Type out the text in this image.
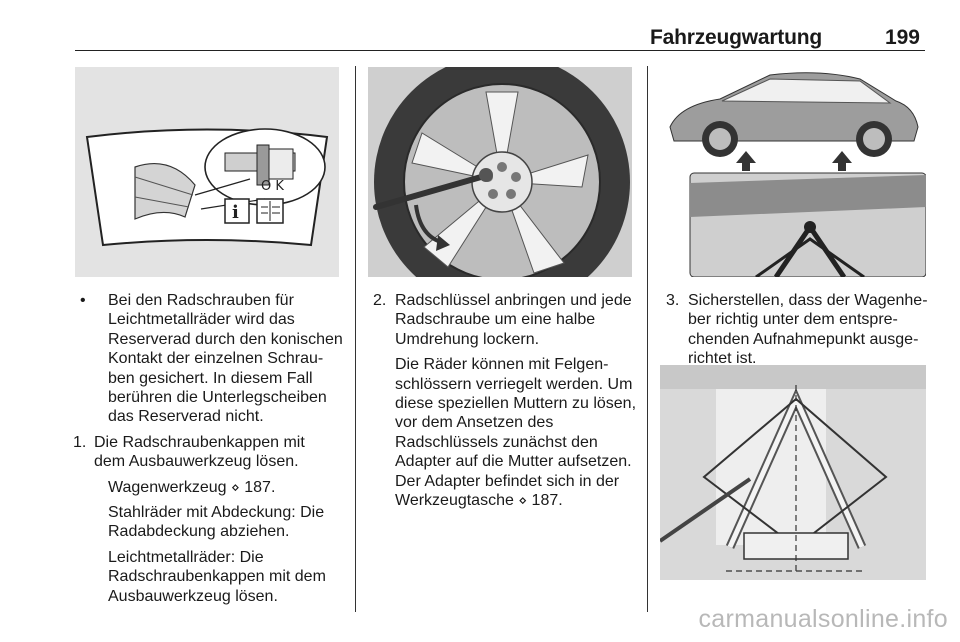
Fahrzeugwartung	199
O K
i
• Bei den Radschrauben für
Leichtmetallräder wird das
Reserverad durch den konischen
Kontakt der einzelnen Schrau-
ben gesichert. In diesem Fall
berühren die Unterlegscheiben
das Reserverad nicht.
1. Die Radschraubenkappen mit
dem Ausbauwerkzeug lösen.
Wagenwerkzeug ⋄ 187.
Stahlräder mit Abdeckung: Die
Radabdeckung abziehen.
Leichtmetallräder: Die
Radschraubenkappen mit dem
Ausbauwerkzeug lösen.
2. Radschlüssel anbringen und jede
Radschraube um eine halbe
Umdrehung lockern.
Die Räder können mit Felgen-
schlössern verriegelt werden. Um
diese speziellen Muttern zu lösen,
vor dem Ansetzen des
Radschlüssels zunächst den
Adapter auf die Mutter aufsetzen.
Der Adapter befindet sich in der
Werkzeugtasche ⋄ 187.
3. Sicherstellen, dass der Wagenhe-
ber richtig unter dem entspre-
chenden Aufnahmepunkt ausge-
richtet ist.
carmanualsonline.info
